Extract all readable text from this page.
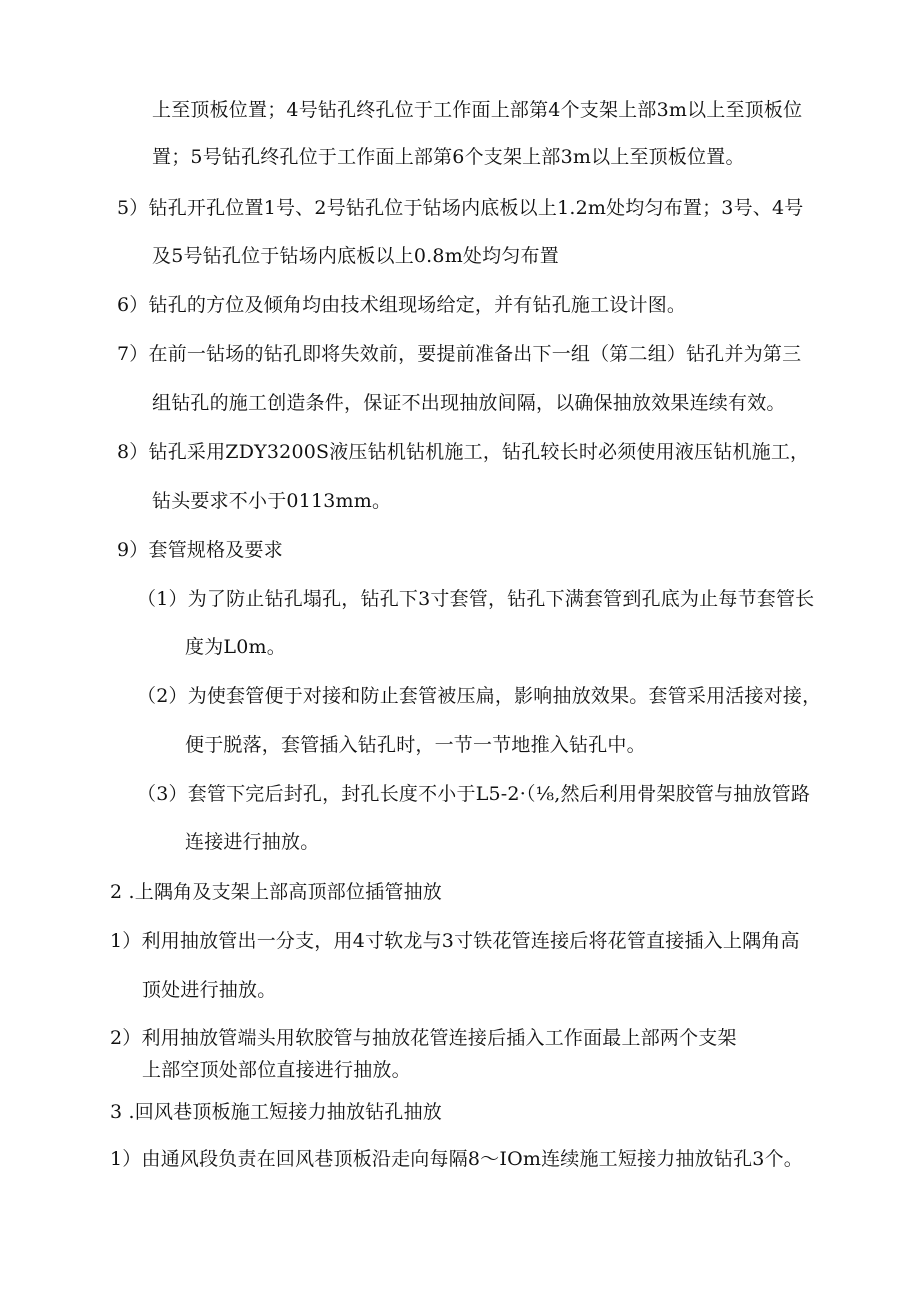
上至顶板位置；4号钻孔终孔位于工作面上部第4个支架上部3m以上至顶板位
置；5号钻孔终孔位于工作面上部第6个支架上部3m以上至顶板位置。
5）钻孔开孔位置1号、2号钻孔位于钻场内底板以上1.2m处均匀布置；3号、4号
及5号钻孔位于钻场内底板以上0.8m处均匀布置
6）钻孔的方位及倾角均由技术组现场给定，并有钻孔施工设计图。
7）在前一钻场的钻孔即将失效前，要提前准备出下一组（第二组）钻孔并为第三
组钻孔的施工创造条件，保证不出现抽放间隔，以确保抽放效果连续有效。
8）钻孔采用ZDY3200S液压钻机钻机施工，钻孔较长时必须使用液压钻机施工，
钻头要求不小于0113mm。
9）套管规格及要求
（1）为了防止钻孔塌孔，钻孔下3寸套管，钻孔下满套管到孔底为止每节套管长
度为L0m。
（2）为使套管便于对接和防止套管被压扁，影响抽放效果。套管采用活接对接，
便于脱落，套管插入钻孔时，一节一节地推入钻孔中。
（3）套管下完后封孔，封孔长度不小于L5-2·（⅛,然后利用骨架胶管与抽放管路
连接进行抽放。
2 .上隅角及支架上部高顶部位插管抽放
1）利用抽放管出一分支，用4寸软龙与3寸铁花管连接后将花管直接插入上隅角高
顶处进行抽放。
2）利用抽放管端头用软胶管与抽放花管连接后插入工作面最上部两个支架
上部空顶处部位直接进行抽放。
3 .回风巷顶板施工短接力抽放钻孔抽放
1）由通风段负责在回风巷顶板沿走向每隔8～IOm连续施工短接力抽放钻孔3个。
